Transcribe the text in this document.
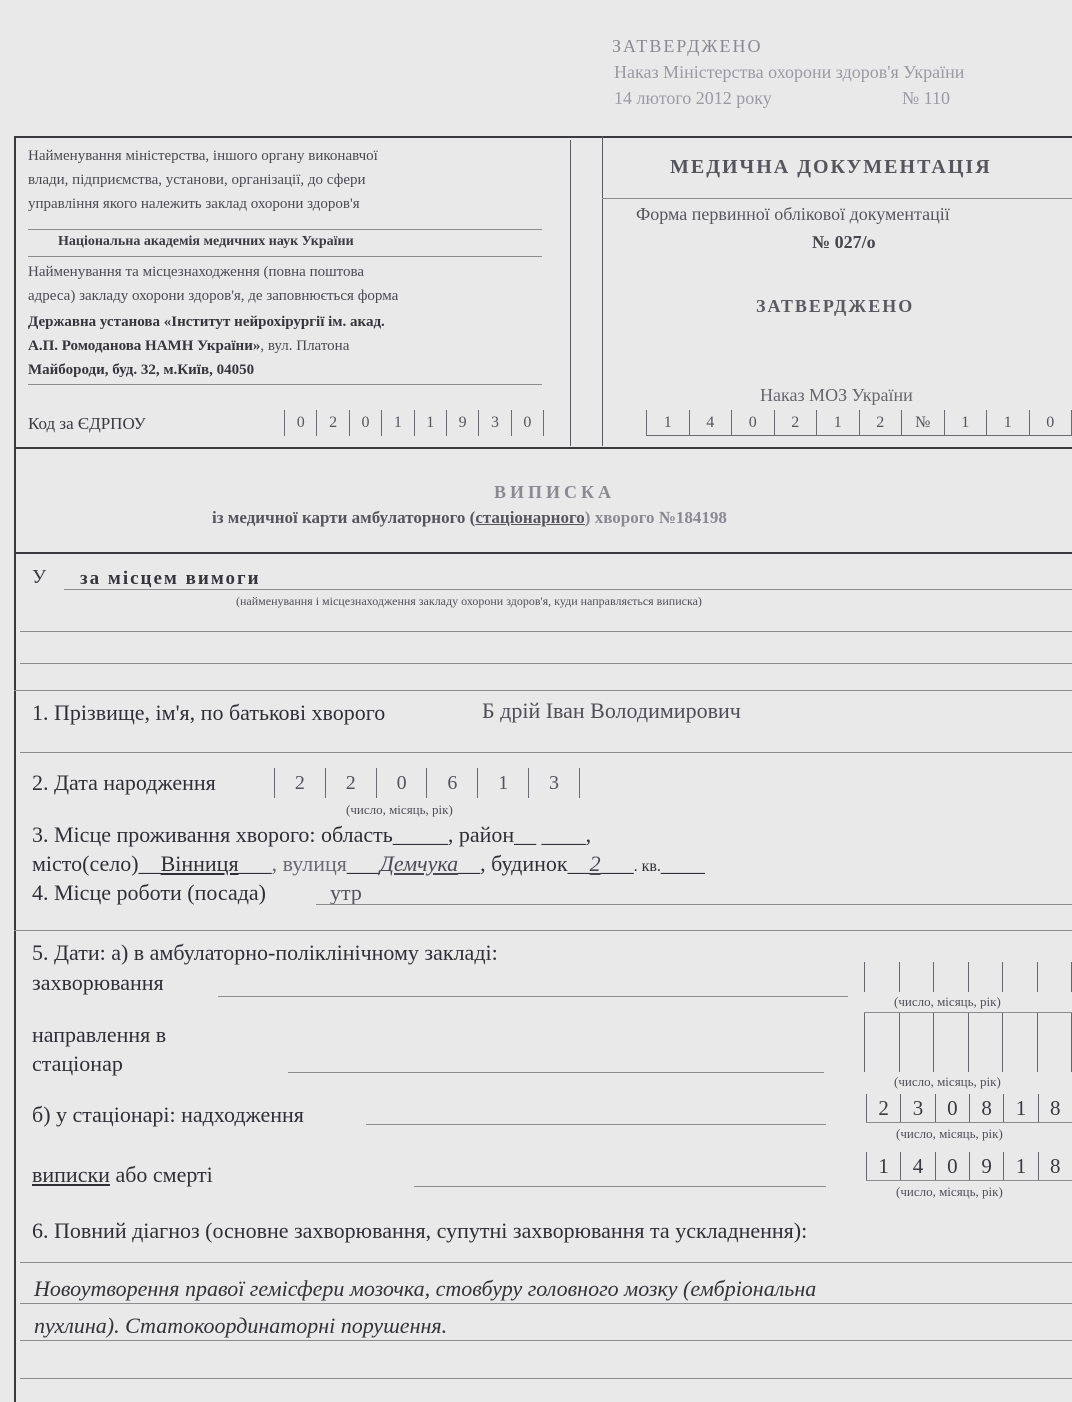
ЗАТВЕРДЖЕНО
Наказ Міністерства охорони здоров'я України
14 лютого 2012 року	№ 110
Найменування міністерства, іншого органу виконавчої
влади, підприємства, установи, організації, до сфери
управління якого належить заклад охорони здоров'я
Національна академія медичних наук України
Найменування та місцезнаходження (повна поштова
адреса) закладу охорони здоров'я, де заповнюється форма
Державна установа «Інститут нейрохірургії ім. акад.
А.П. Ромоданова НАМН України», вул. Платона
Майбороди, буд. 32, м.Київ, 04050
Код за ЄДРПОУ	0	2	0	1	1	9	3	0
МЕДИЧНА ДОКУМЕНТАЦІЯ
Форма первинної облікової документації
№ 027/о
ЗАТВЕРДЖЕНО
Наказ МОЗ України
1	4	0	2	1	2	№	1	1	0
ВИПИСКА
із медичної карти амбулаторного (стаціонарного) хворого №184198
У за місцем вимоги
(найменування і місцезнаходження закладу охорони здоров'я, куди направляється виписка)
1. Прізвище, ім'я, по батькові хворого	Б дрій Іван Володимирович
2. Дата народження	2	2	0	6	1	3
(число, місяць, рік)
3. Місце проживання хворого: область_____, район__ ____,
місто(село)__Вінниця___, вулиця___Демчука__, будинок__2___. кв.____
4. Місце роботи (посада)	утр
5. Дати: а) в амбулаторно-поліклінічному закладі:
захворювання
(число, місяць, рік)
направлення в
стаціонар
(число, місяць, рік)
б) у стаціонарі: надходження	2	3	0	8	1	8
(число, місяць, рік)
виписки або смерті	1	4	0	9	1	8
(число, місяць, рік)
6. Повний діагноз (основне захворювання, супутні захворювання та ускладнення):
Новоутворення правої гемісфери мозочка, стовбуру головного мозку (ембріональна
пухлина). Статокоординаторні порушення.
